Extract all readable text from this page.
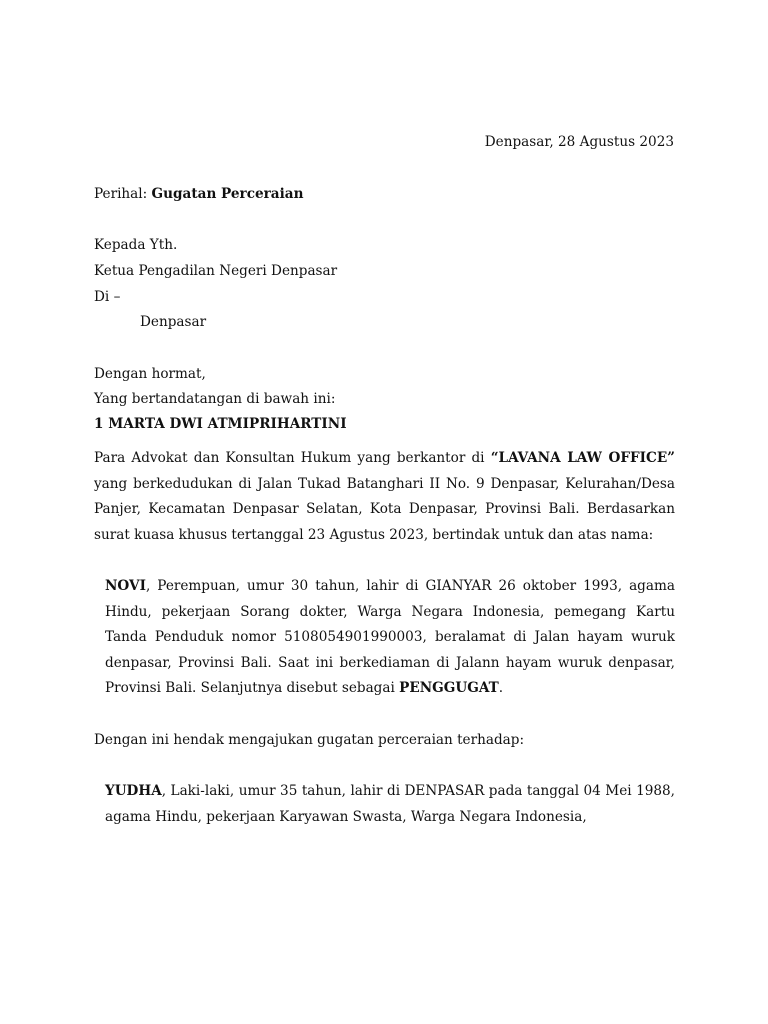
Denpasar, 28 Agustus 2023
Perihal: Gugatan Perceraian
Kepada Yth.
Ketua Pengadilan Negeri Denpasar
Di –
Denpasar
Dengan hormat,
Yang bertandatangan di bawah ini:
1 MARTA DWI ATMIPRIHARTINI
Para Advokat dan Konsultan Hukum yang berkantor di “LAVANA LAW OFFICE” yang berkedudukan di Jalan Tukad Batanghari II No. 9 Denpasar, Kelurahan/Desa Panjer, Kecamatan Denpasar Selatan, Kota Denpasar, Provinsi Bali. Berdasarkan surat kuasa khusus tertanggal 23 Agustus 2023, bertindak untuk dan atas nama:
NOVI, Perempuan, umur 30 tahun, lahir di GIANYAR 26 oktober 1993, agama Hindu, pekerjaan Sorang dokter, Warga Negara Indonesia, pemegang Kartu Tanda Penduduk nomor 5108054901990003, beralamat di Jalan hayam wuruk denpasar, Provinsi Bali. Saat ini berkediaman di Jalann hayam wuruk denpasar, Provinsi Bali. Selanjutnya disebut sebagai PENGGUGAT.
Dengan ini hendak mengajukan gugatan perceraian terhadap:
YUDHA, Laki-laki, umur 35 tahun, lahir di DENPASAR pada tanggal 04 Mei 1988, agama Hindu, pekerjaan Karyawan Swasta, Warga Negara Indonesia,
